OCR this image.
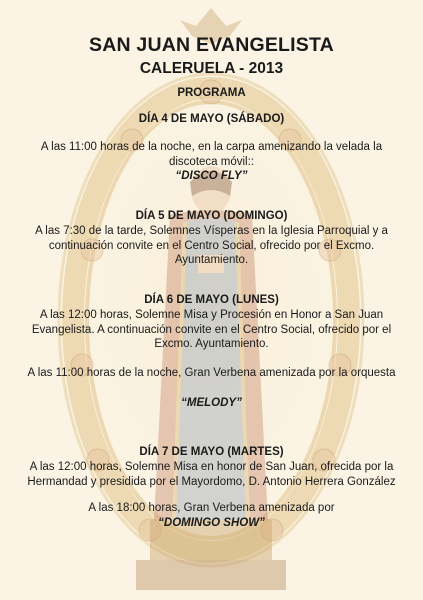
SAN JUAN EVANGELISTA
CALERUELA - 2013
PROGRAMA

DÍA 4 DE MAYO (SÁBADO)

A las 11:00 horas de la noche, en la carpa amenizando la velada la discoteca móvil::

“DISCO FLY”

DÍA 5 DE MAYO (DOMINGO)

A las 7:30 de la tarde, Solemnes Vísperas en la Iglesia Parroquial y a continuación convite en el Centro Social, ofrecido por el Excmo. Ayuntamiento.

DÍA 6 DE MAYO (LUNES)

A las 12:00 horas, Solemne Misa y Procesión en Honor a San Juan Evangelista. A continuación convite en el Centro Social, ofrecido por el Excmo. Ayuntamiento.

A las 11:00 horas de la noche, Gran Verbena amenizada por la orquesta

“MELODY”

DÍA 7 DE MAYO (MARTES)

A las 12:00 horas, Solemne Misa en honor de San Juan, ofrecida por la Hermandad y presidida por el Mayordomo, D. Antonio Herrera González

A las 18:00 horas, Gran Verbena amenizada por

“DOMINGO SHOW”
